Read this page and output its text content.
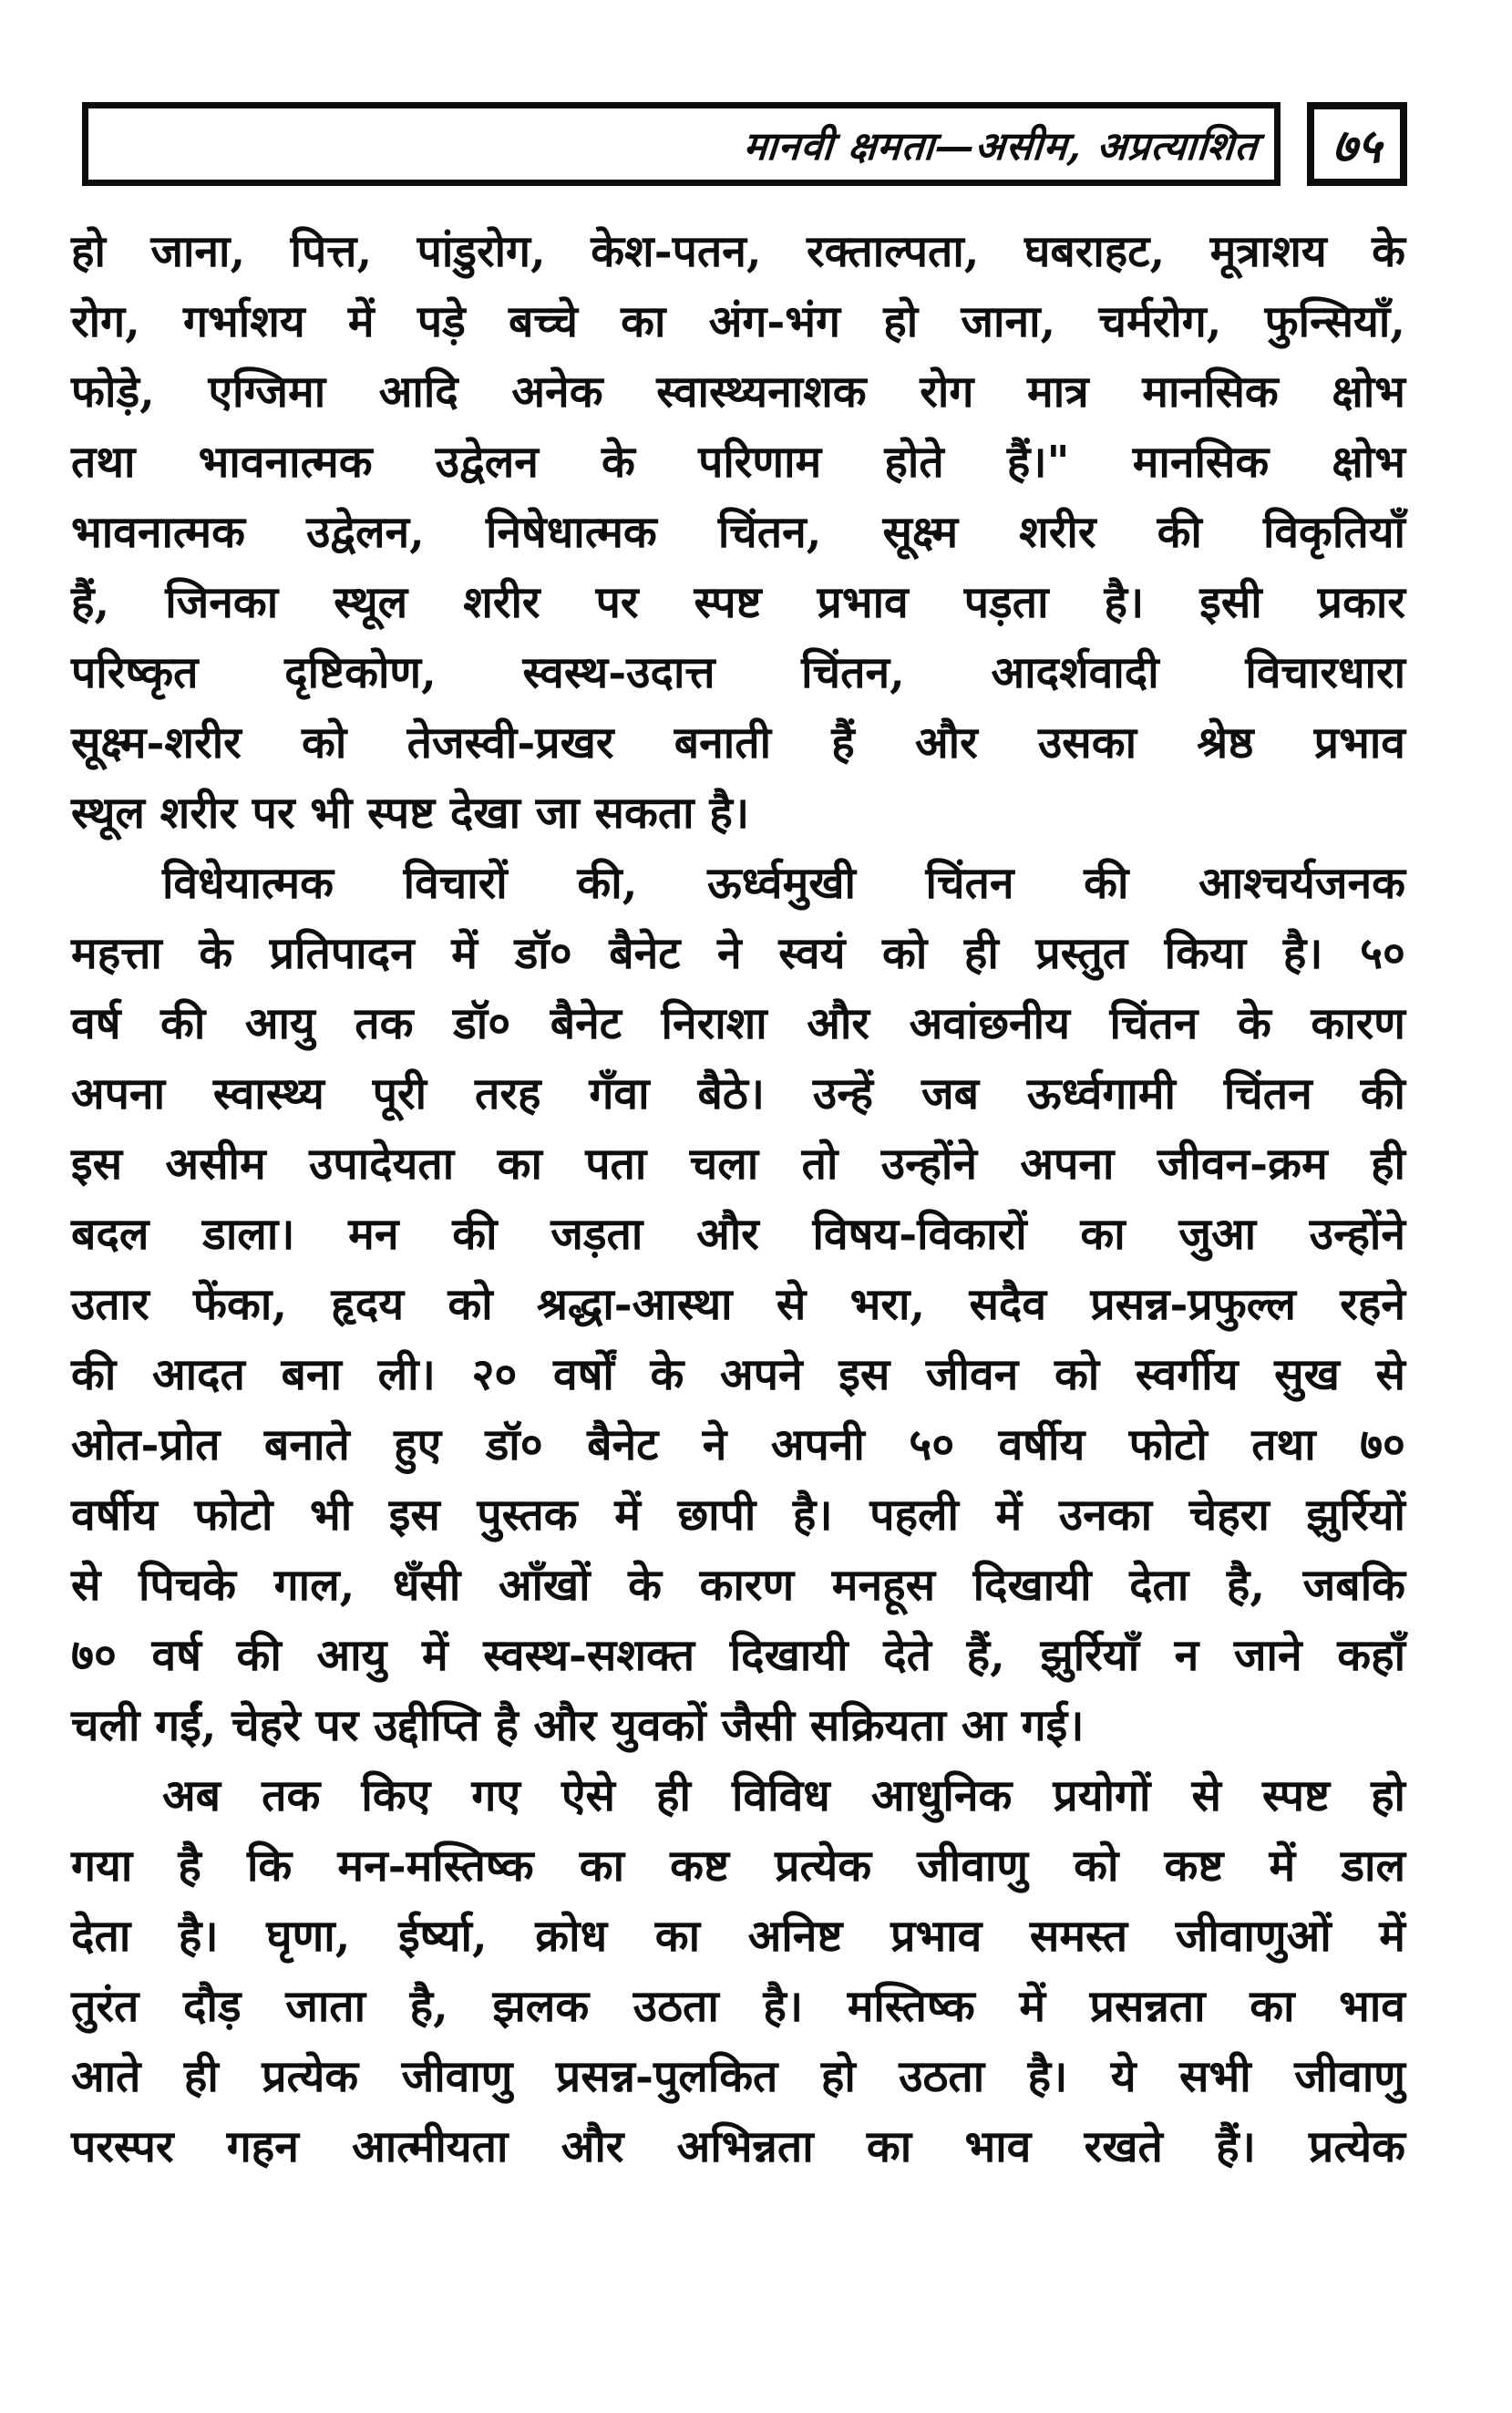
मानवी क्षमता—असीम, अप्रत्याशित ७५
हो जाना, पित्त, पांडुरोग, केश-पतन, रक्ताल्पता, घबराहट, मूत्राशय के
रोग, गर्भाशय में पड़े बच्चे का अंग-भंग हो जाना, चर्मरोग, फुन्सियाँ,
फोड़े, एग्जिमा आदि अनेक स्वास्थ्यनाशक रोग मात्र मानसिक क्षोभ
तथा भावनात्मक उद्वेलन के परिणाम होते हैं।" मानसिक क्षोभ
भावनात्मक उद्वेलन, निषेधात्मक चिंतन, सूक्ष्म शरीर की विकृतियाँ
हैं, जिनका स्थूल शरीर पर स्पष्ट प्रभाव पड़ता है। इसी प्रकार
परिष्कृत दृष्टिकोण, स्वस्थ-उदात्त चिंतन, आदर्शवादी विचारधारा
सूक्ष्म-शरीर को तेजस्वी-प्रखर बनाती हैं और उसका श्रेष्ठ प्रभाव
स्थूल शरीर पर भी स्पष्ट देखा जा सकता है।
विधेयात्मक विचारों की, ऊर्ध्वमुखी चिंतन की आश्चर्यजनक
महत्ता के प्रतिपादन में डॉ० बैनेट ने स्वयं को ही प्रस्तुत किया है। ५०
वर्ष की आयु तक डॉ० बैनेट निराशा और अवांछनीय चिंतन के कारण
अपना स्वास्थ्य पूरी तरह गँवा बैठे। उन्हें जब ऊर्ध्वगामी चिंतन की
इस असीम उपादेयता का पता चला तो उन्होंने अपना जीवन-क्रम ही
बदल डाला। मन की जड़ता और विषय-विकारों का जुआ उन्होंने
उतार फेंका, हृदय को श्रद्धा-आस्था से भरा, सदैव प्रसन्न-प्रफुल्ल रहने
की आदत बना ली। २० वर्षों के अपने इस जीवन को स्वर्गीय सुख से
ओत-प्रोत बनाते हुए डॉ० बैनेट ने अपनी ५० वर्षीय फोटो तथा ७०
वर्षीय फोटो भी इस पुस्तक में छापी है। पहली में उनका चेहरा झुर्रियों
से पिचके गाल, धँसी आँखों के कारण मनहूस दिखायी देता है, जबकि
७० वर्ष की आयु में स्वस्थ-सशक्त दिखायी देते हैं, झुर्रियाँ न जाने कहाँ
चली गईं, चेहरे पर उद्दीप्ति है और युवकों जैसी सक्रियता आ गई।
अब तक किए गए ऐसे ही विविध आधुनिक प्रयोगों से स्पष्ट हो
गया है कि मन-मस्तिष्क का कष्ट प्रत्येक जीवाणु को कष्ट में डाल
देता है। घृणा, ईर्ष्या, क्रोध का अनिष्ट प्रभाव समस्त जीवाणुओं में
तुरंत दौड़ जाता है, झलक उठता है। मस्तिष्क में प्रसन्नता का भाव
आते ही प्रत्येक जीवाणु प्रसन्न-पुलकित हो उठता है। ये सभी जीवाणु
परस्पर गहन आत्मीयता और अभिन्नता का भाव रखते हैं। प्रत्येक
